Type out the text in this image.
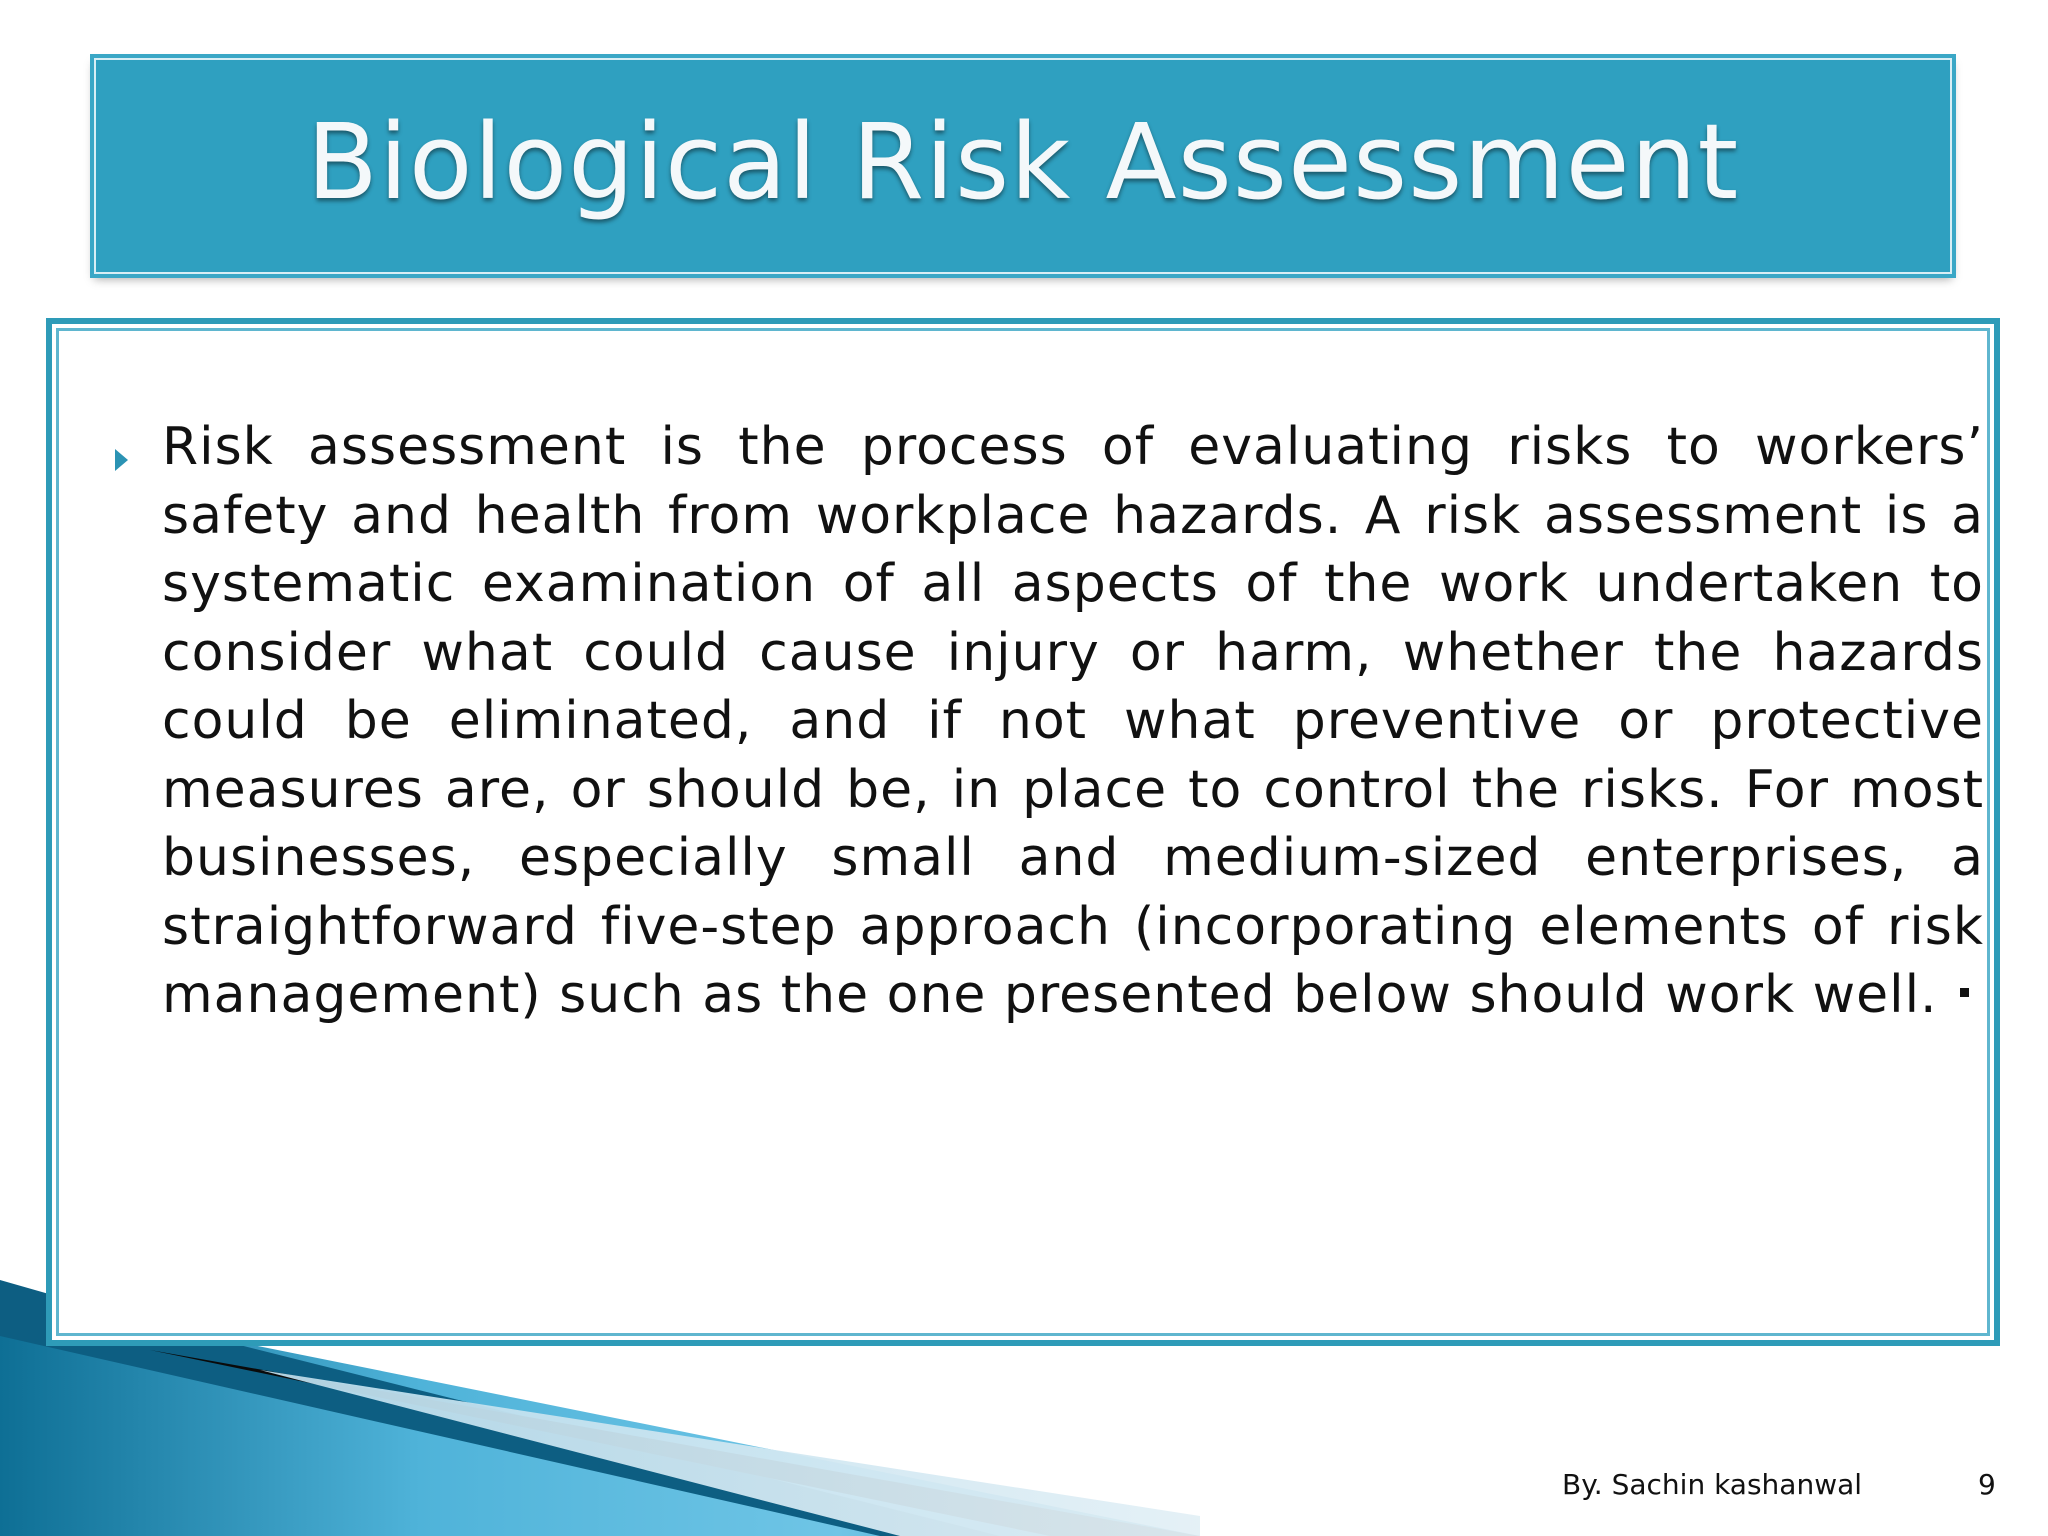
Biological Risk Assessment

Risk assessment is the process of evaluating risks to workers’ safety and health from workplace hazards. A risk assessment is a systematic examination of all aspects of the work undertaken to consider what could cause injury or harm, whether the hazards could be eliminated, and if not what preventive or protective measures are, or should be, in place to control the risks. For most businesses, especially small and medium-sized enterprises, a straightforward five-step approach (incorporating elements of risk management) such as the one presented below should work well.

By. Sachin kashanwal	9
